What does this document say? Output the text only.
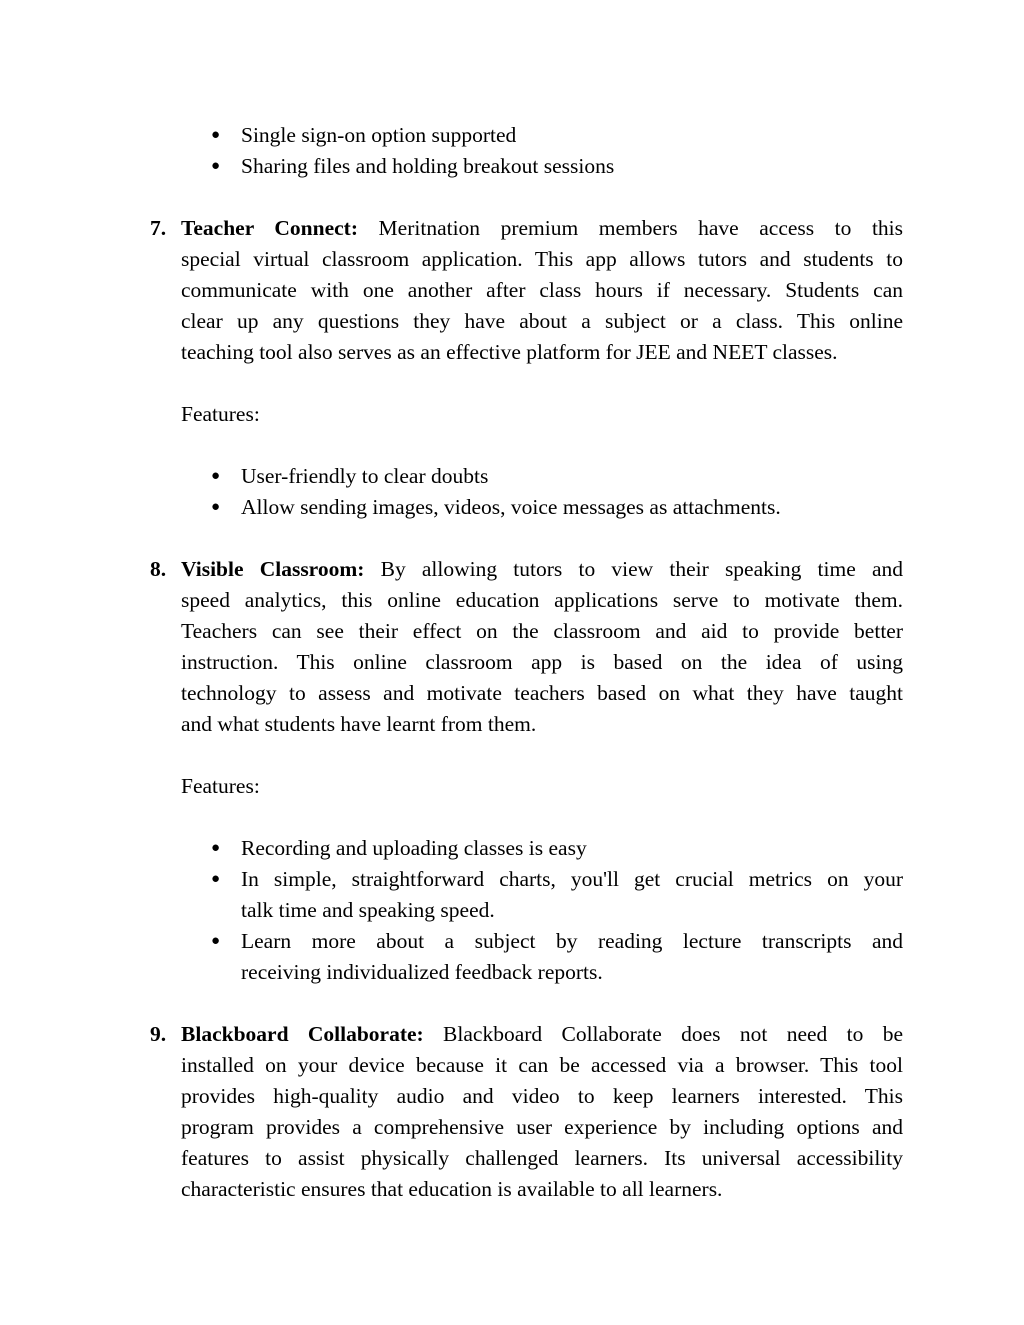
● Single sign-on option supported
● Sharing files and holding breakout sessions
7. Teacher Connect: Meritnation premium members have access to this
special virtual classroom application. This app allows tutors and students to
communicate with one another after class hours if necessary. Students can
clear up any questions they have about a subject or a class. This online
teaching tool also serves as an effective platform for JEE and NEET classes.
Features:
● User-friendly to clear doubts
● Allow sending images, videos, voice messages as attachments.
8. Visible Classroom: By allowing tutors to view their speaking time and
speed analytics, this online education applications serve to motivate them.
Teachers can see their effect on the classroom and aid to provide better
instruction. This online classroom app is based on the idea of using
technology to assess and motivate teachers based on what they have taught
and what students have learnt from them.
Features:
● Recording and uploading classes is easy
● In simple, straightforward charts, you'll get crucial metrics on your
talk time and speaking speed.
● Learn more about a subject by reading lecture transcripts and
receiving individualized feedback reports.
9. Blackboard Collaborate: Blackboard Collaborate does not need to be
installed on your device because it can be accessed via a browser. This tool
provides high-quality audio and video to keep learners interested. This
program provides a comprehensive user experience by including options and
features to assist physically challenged learners. Its universal accessibility
characteristic ensures that education is available to all learners.
